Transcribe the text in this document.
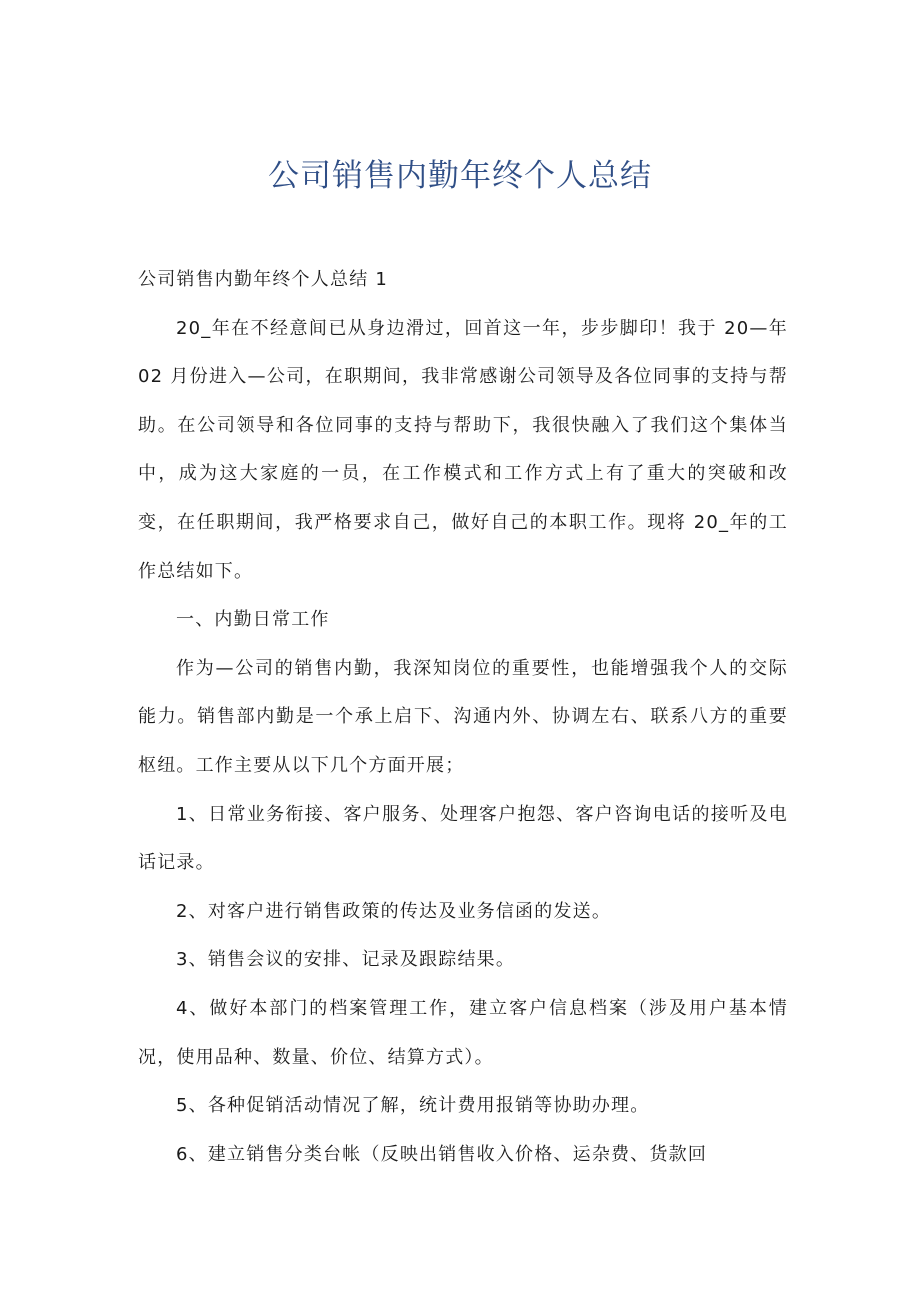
公司销售内勤年终个人总结

公司销售内勤年终个人总结 1

20_年在不经意间已从身边滑过，回首这一年，步步脚印！我于 20—年 02 月份进入—公司，在职期间，我非常感谢公司领导及各位同事的支持与帮助。在公司领导和各位同事的支持与帮助下，我很快融入了我们这个集体当中，成为这大家庭的一员，在工作模式和工作方式上有了重大的突破和改变，在任职期间，我严格要求自己，做好自己的本职工作。现将 20_年的工作总结如下。

一、内勤日常工作

作为—公司的销售内勤，我深知岗位的重要性，也能增强我个人的交际能力。销售部内勤是一个承上启下、沟通内外、协调左右、联系八方的重要枢纽。工作主要从以下几个方面开展；

1、日常业务衔接、客户服务、处理客户抱怨、客户咨询电话的接听及电话记录。

2、对客户进行销售政策的传达及业务信函的发送。

3、销售会议的安排、记录及跟踪结果。

4、做好本部门的档案管理工作，建立客户信息档案（涉及用户基本情况，使用品种、数量、价位、结算方式）。

5、各种促销活动情况了解，统计费用报销等协助办理。

6、建立销售分类台帐（反映出销售收入价格、运杂费、货款回
